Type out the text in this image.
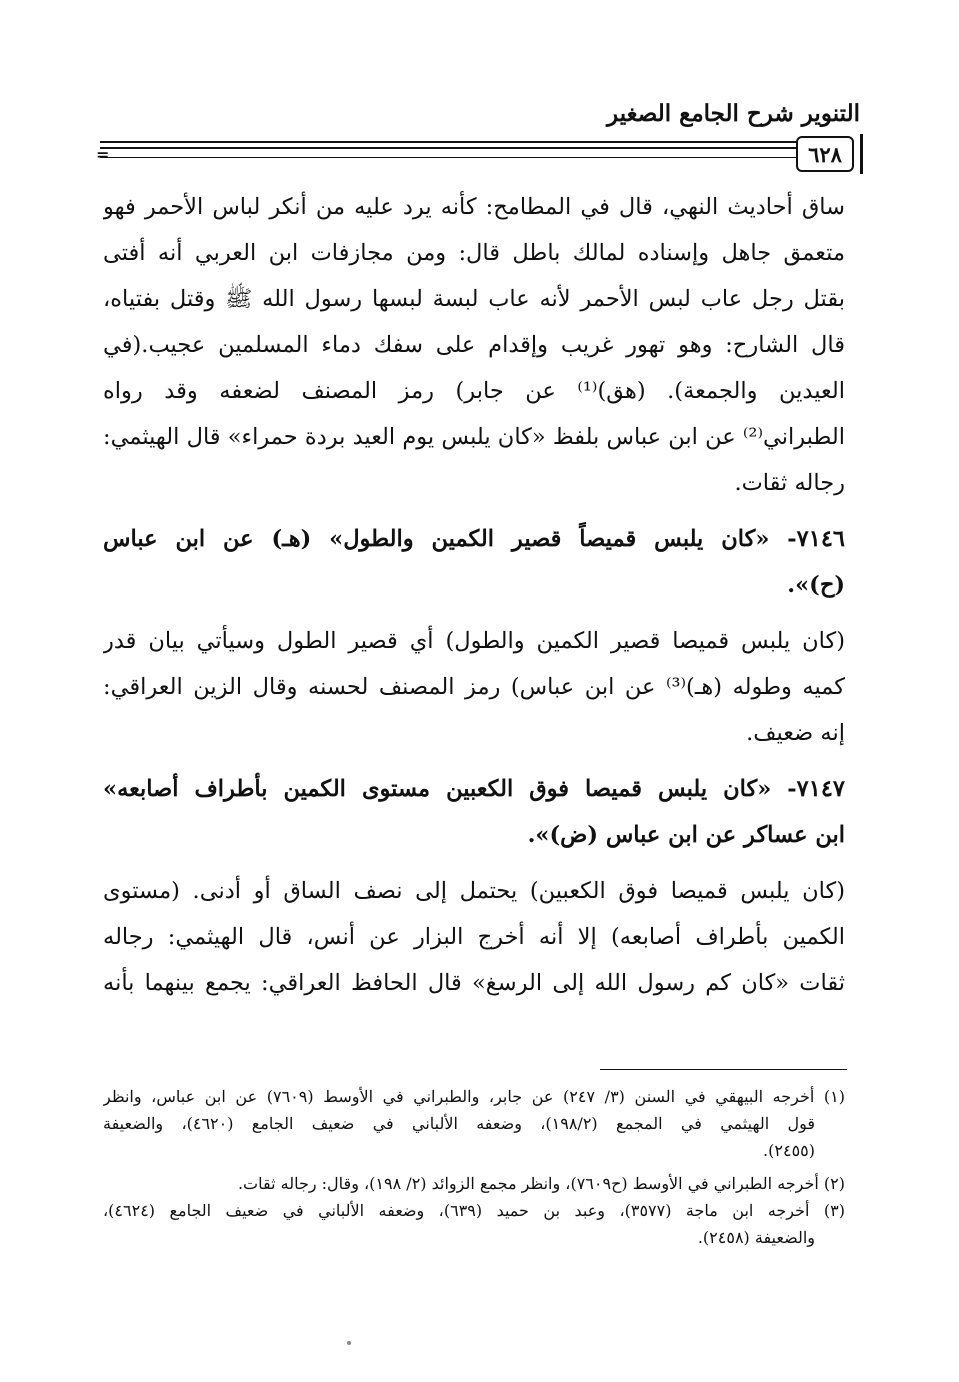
التنوير شرح الجامع الصغير
=	٦٢٨
ساق أحاديث النهي، قال في المطامح: كأنه يرد عليه من أنكر لباس الأحمر فهو
متعمق جاهل وإسناده لمالك باطل قال: ومن مجازفات ابن العربي أنه أفتى
بقتل رجل عاب لبس الأحمر لأنه عاب لبسة لبسها رسول الله ﷺ وقتل بفتياه،
قال الشارح: وهو تهور غريب وإقدام على سفك دماء المسلمين عجيب.(في
العيدين والجمعة). (هق)⁽¹⁾ عن جابر) رمز المصنف لضعفه وقد رواه
الطبراني⁽²⁾ عن ابن عباس بلفظ «كان يلبس يوم العيد بردة حمراء» قال الهيثمي:
رجاله ثقات.
٧١٤٦- «كان يلبس قميصاً قصير الكمين والطول» (هـ) عن ابن عباس
(ح)».
(كان يلبس قميصا قصير الكمين والطول) أي قصير الطول وسيأتي بيان قدر
كميه وطوله (هـ)⁽³⁾ عن ابن عباس) رمز المصنف لحسنه وقال الزين العراقي:
إنه ضعيف.
٧١٤٧- «كان يلبس قميصا فوق الكعبين مستوى الكمين بأطراف أصابعه»
ابن عساكر عن ابن عباس (ض)».
(كان يلبس قميصا فوق الكعبين) يحتمل إلى نصف الساق أو أدنى. (مستوى
الكمين بأطراف أصابعه) إلا أنه أخرج البزار عن أنس، قال الهيثمي: رجاله
ثقات «كان كم رسول الله إلى الرسغ» قال الحافظ العراقي: يجمع بينهما بأنه
(١) أخرجه البيهقي في السنن (٣/ ٢٤٧) عن جابر، والطبراني في الأوسط (٧٦٠٩) عن ابن عباس، وانظر
قول الهيثمي في المجمع (١٩٨/٢)، وضعفه الألباني في ضعيف الجامع (٤٦٢٠)، والضعيفة
(٢٤٥٥).
(٢) أخرجه الطبراني في الأوسط (ح٧٦٠٩)، وانظر مجمع الزوائد (٢/ ١٩٨)، وقال: رجاله ثقات.
(٣) أخرجه ابن ماجة (٣٥٧٧)، وعبد بن حميد (٦٣٩)، وضعفه الألباني في ضعيف الجامع (٤٦٢٤)،
والضعيفة (٢٤٥٨).
